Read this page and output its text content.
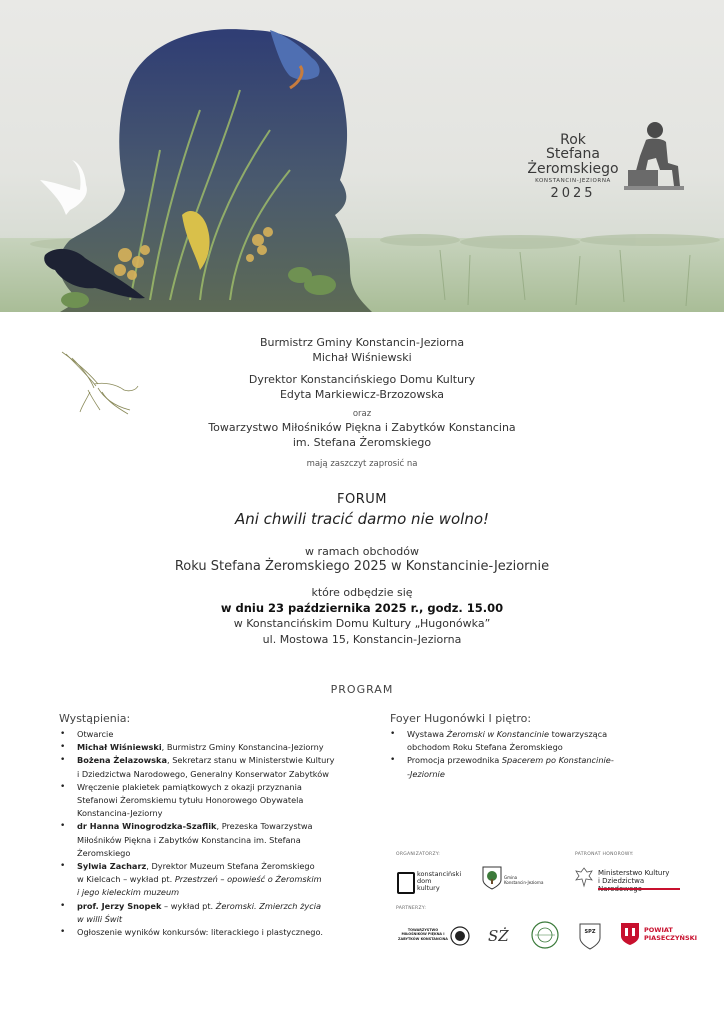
Rok
Stefana
Żeromskiego
KONSTANCIN-JEZIORNA
2025
Burmistrz Gminy Konstancin-Jeziorna
Michał Wiśniewski
Dyrektor Konstancińskiego Domu Kultury
Edyta Markiewicz-Brzozowska
oraz
Towarzystwo Miłośników Piękna i Zabytków Konstancina
im. Stefana Żeromskiego
mają zaszczyt zaprosić na
FORUM
Ani chwili tracić darmo nie wolno!
w ramach obchodów
Roku Stefana Żeromskiego 2025 w Konstancinie-Jeziornie
które odbędzie się
w dniu 23 października 2025 r., godz. 15.00
w Konstancińskim Domu Kultury „Hugonówka”
ul. Mostowa 15, Konstancin-Jeziorna
PROGRAM
Wystąpienia:	Foyer Hugonówki I piętro:
• Otwarcie
• Michał Wiśniewski, Burmistrz Gminy Konstancina-Jeziorny
• Bożena Żelazowska, Sekretarz stanu w Ministerstwie Kultury
i Dziedzictwa Narodowego, Generalny Konserwator Zabytków
• Wręczenie plakietek pamiątkowych z okazji przyznania
Stefanowi Żeromskiemu tytułu Honorowego Obywatela
Konstancina-Jeziorny
• dr Hanna Winogrodzka-Szaflik, Prezeska Towarzystwa
Miłośników Piękna i Zabytków Konstancina im. Stefana
Żeromskiego
• Sylwia Zacharz, Dyrektor Muzeum Stefana Żeromskiego
w Kielcach – wykład pt. Przestrzeń – opowieść o Żeromskim
i jego kieleckim muzeum
• prof. Jerzy Snopek – wykład pt. Żeromski. Zmierzch życia
w willi Świt
• Ogłoszenie wyników konkursów: literackiego i plastycznego.
• Wystawa Żeromski w Konstancinie towarzysząca
obchodom Roku Stefana Żeromskiego
• Promocja przewodnika Spacerem po Konstancinie-
-Jeziornie
ORGANIZATORZY:	PATRONAT HONOROWY:
PARTNERZY:
konstanciński
dom
kultury
Gmina
Konstancin-Jeziorna
Ministerstwo Kultury
i Dziedzictwa
TOWARZYSTWO MIŁOŚNIKÓW PIĘKNA I ZABYTKÓW KONSTANCINA	SŻ	SPZ	POWIAT
PIASECZYŃSKI
